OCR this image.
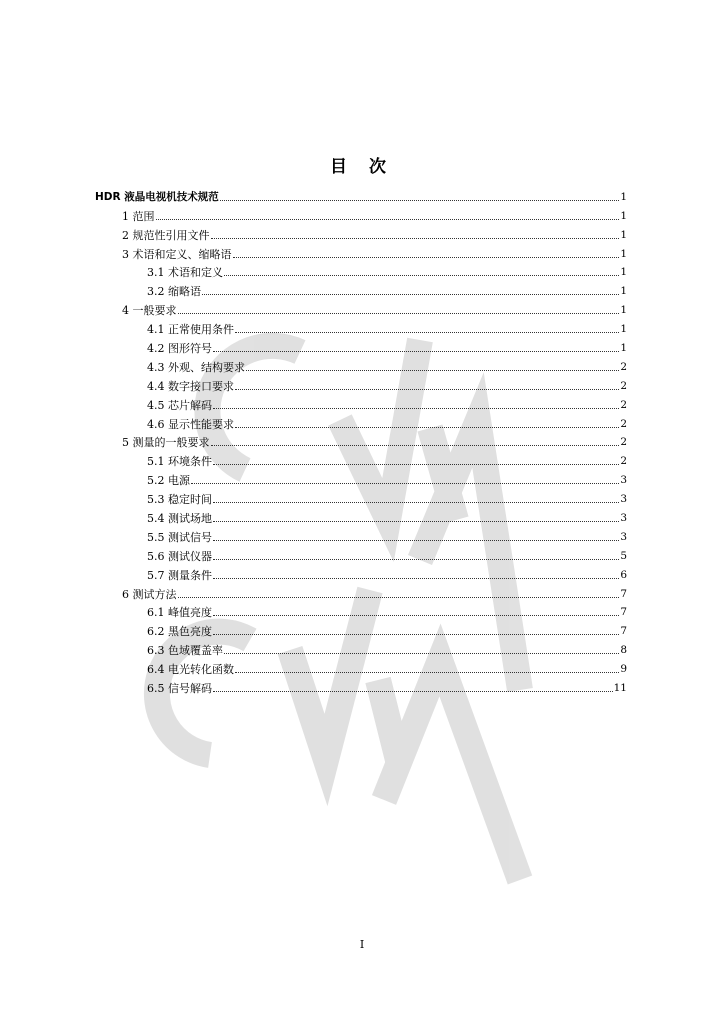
目 次
HDR 液晶电视机技术规范	1
1 范围	1
2 规范性引用文件	1
3 术语和定义、缩略语	1
3.1 术语和定义	1
3.2 缩略语	1
4 一般要求	1
4.1 正常使用条件	1
4.2 图形符号	1
4.3 外观、结构要求	2
4.4 数字接口要求	2
4.5 芯片解码	2
4.6 显示性能要求	2
5 测量的一般要求	2
5.1 环境条件	2
5.2 电源	3
5.3 稳定时间	3
5.4 测试场地	3
5.5 测试信号	3
5.6 测试仪器	5
5.7 测量条件	6
6 测试方法	7
6.1 峰值亮度	7
6.2 黑色亮度	7
6.3 色域覆盖率	8
6.4 电光转化函数	9
6.5 信号解码	11
I
